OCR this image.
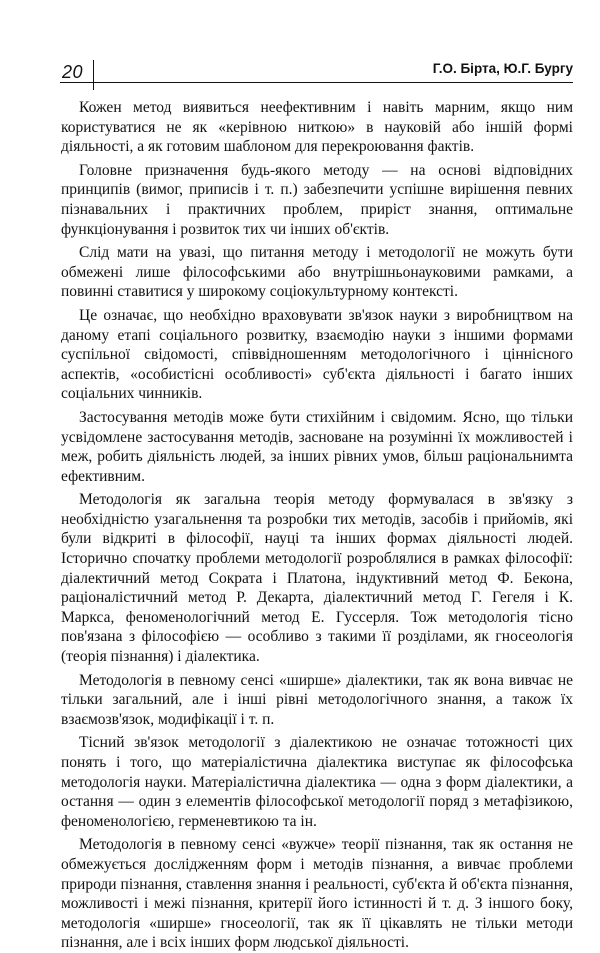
20	Г.О. Бірта, Ю.Г. Бургу

Кожен метод виявиться неефективним і навіть марним, якщо ним користуватися не як «керівною ниткою» в науковій або іншій формі діяльності, а як готовим шаблоном для перекроювання фактів.

Головне призначення будь-якого методу — на основі відповідних принципів (вимог, приписів і т. п.) забезпечити успішне вирішення певних пізнавальних і практичних проблем, приріст знання, оптимальне функціонування і розвиток тих чи інших об'єктів.

Слід мати на увазі, що питання методу і методології не можуть бути обмежені лише філософськими або внутрішньонауковими рамками, а повинні ставитися у широкому соціокультурному контексті.

Це означає, що необхідно враховувати зв'язок науки з виробництвом на даному етапі соціального розвитку, взаємодію науки з іншими формами суспільної свідомості, співвідношенням методологічного і ціннісного аспектів, «особистісні особливості» суб'єкта діяльності і багато інших соціальних чинників.

Застосування методів може бути стихійним і свідомим. Ясно, що тільки усвідомлене застосування методів, засноване на розумінні їх можливостей і меж, робить діяльність людей, за інших рівних умов, більш раціональнимта ефективним.

Методологія як загальна теорія методу формувалася в зв'язку з необхідністю узагальнення та розробки тих методів, засобів і прийомів, які були відкриті в філософії, науці та інших формах діяльності людей. Історично спочатку проблеми методології розроблялися в рамках філософії: діалектичний метод Сократа і Платона, індуктивний метод Ф. Бекона, раціоналістичний метод Р. Декарта, діалектичний метод Г. Гегеля і К. Маркса, феноменологічний метод Е. Гуссерля. Тож методологія тісно пов'язана з філософією — особливо з такими її розділами, як гносеологія (теорія пізнання) і діалектика.

Методологія в певному сенсі «ширше» діалектики, так як вона вивчає не тільки загальний, але і інші рівні методологічного знання, а також їх взаємозв'язок, модифікації і т. п.

Тісний зв'язок методології з діалектикою не означає тотожності цих понять і того, що матеріалістична діалектика виступає як філософська методологія науки. Матеріалістична діалектика — одна з форм діалектики, а остання — один з елементів філософської методології поряд з метафізикою, феноменологією, герменевтикою та ін.

Методологія в певному сенсі «вужче» теорії пізнання, так як остання не обмежується дослідженням форм і методів пізнання, а вивчає проблеми природи пізнання, ставлення знання і реальності, суб'єкта й об'єкта пізнання, можливості і межі пізнання, критерії його істинності й т. д. З іншого боку, методологія «ширше» гносеології, так як її цікавлять не тільки методи пізнання, але і всіх інших форм людської діяльності.
